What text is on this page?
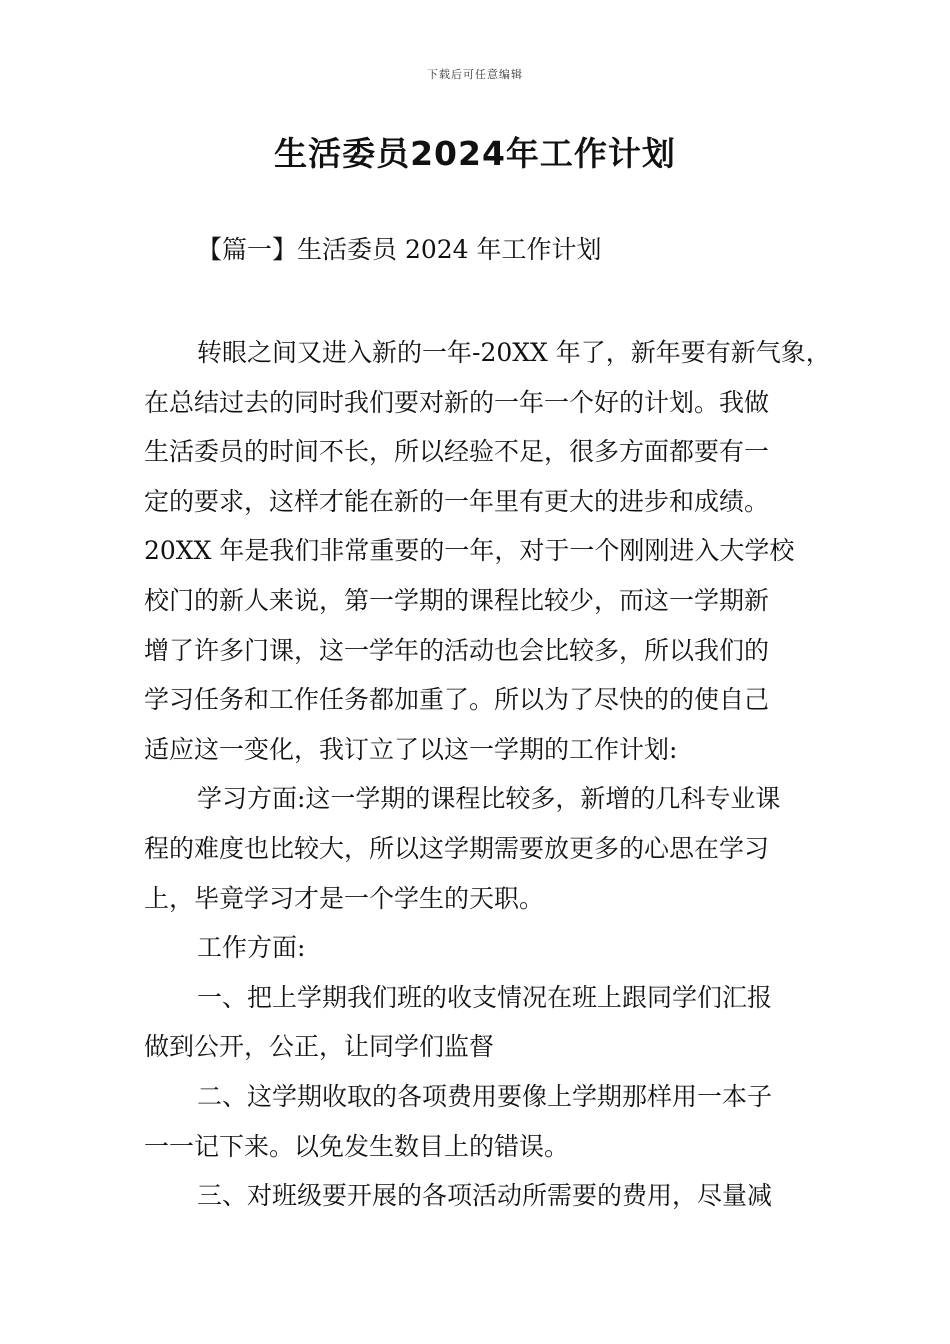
下载后可任意编辑
生活委员2024年工作计划
【篇一】生活委员 2024 年工作计划
转眼之间又进入新的一年-20XX 年了，新年要有新气象，
在总结过去的同时我们要对新的一年一个好的计划。我做
生活委员的时间不长，所以经验不足，很多方面都要有一
定的要求，这样才能在新的一年里有更大的进步和成绩。
20XX 年是我们非常重要的一年，对于一个刚刚进入大学校
校门的新人来说，第一学期的课程比较少，而这一学期新
增了许多门课，这一学年的活动也会比较多，所以我们的
学习任务和工作任务都加重了。所以为了尽快的的使自己
适应这一变化，我订立了以这一学期的工作计划:
学习方面:这一学期的课程比较多，新增的几科专业课
程的难度也比较大，所以这学期需要放更多的心思在学习
上，毕竟学习才是一个学生的天职。
工作方面:
一、把上学期我们班的收支情况在班上跟同学们汇报
做到公开，公正，让同学们监督
二、这学期收取的各项费用要像上学期那样用一本子
一一记下来。以免发生数目上的错误。
三、对班级要开展的各项活动所需要的费用，尽量减
